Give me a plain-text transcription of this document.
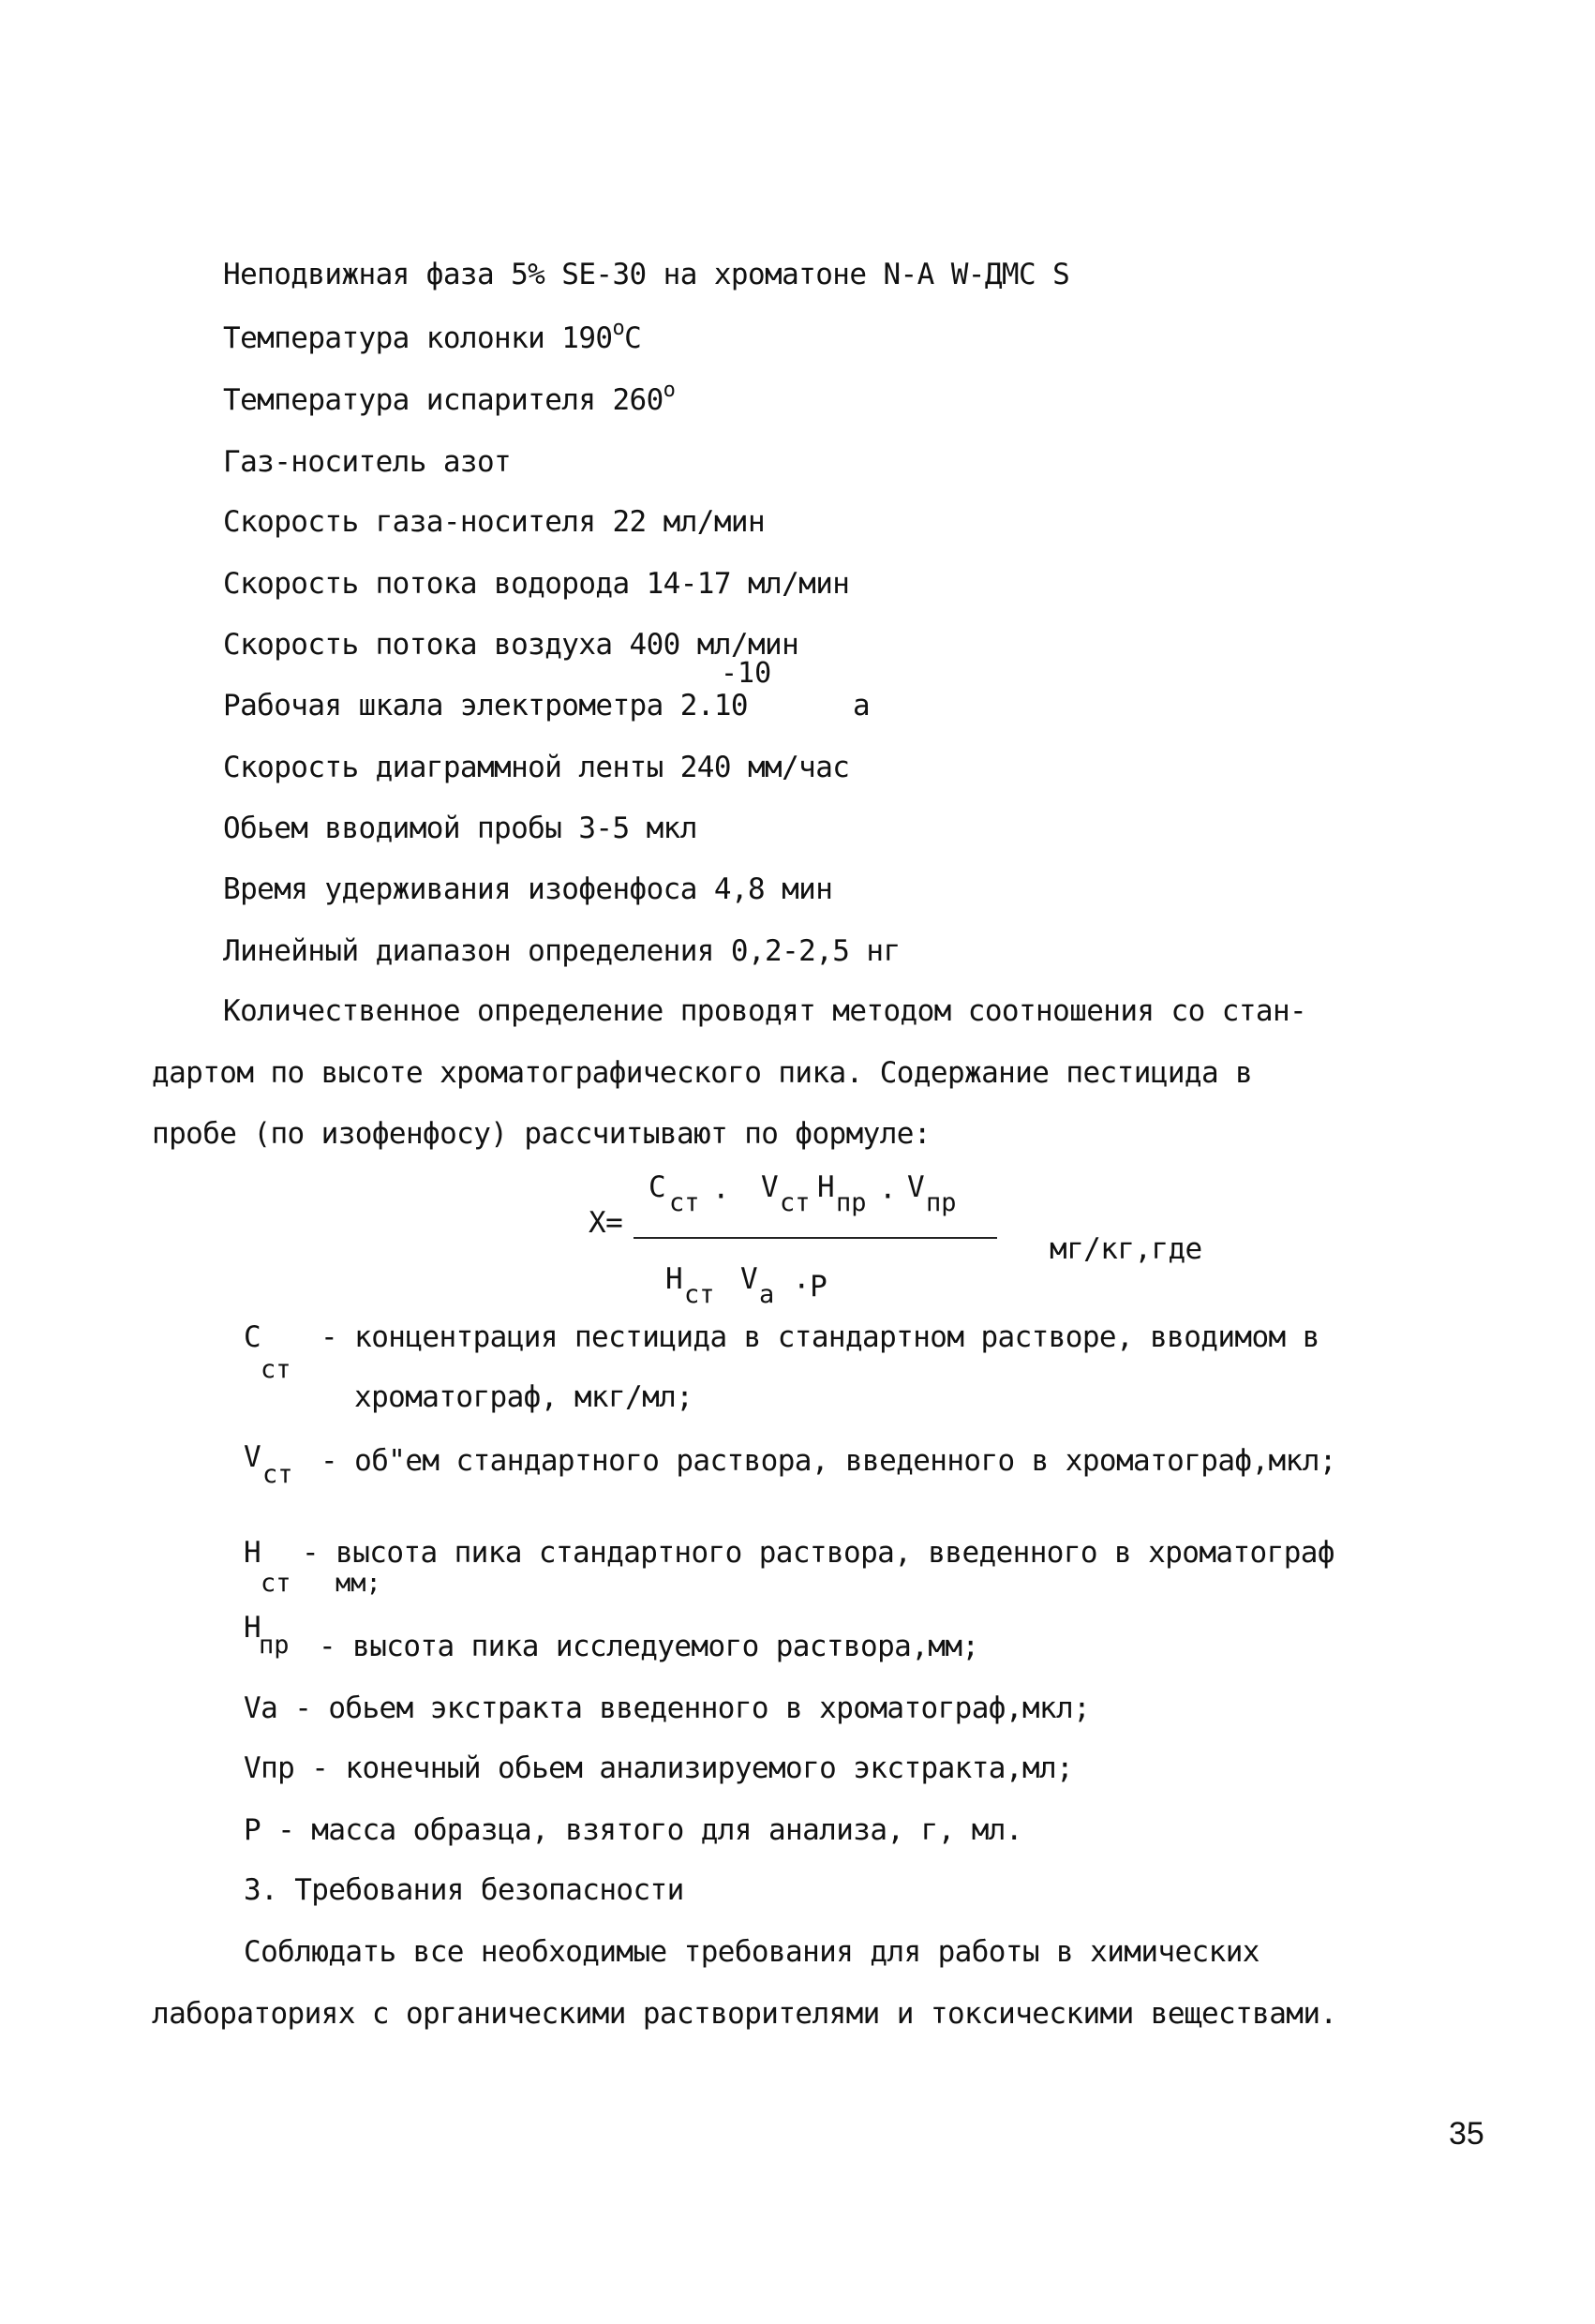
Неподвижная фаза 5% SE-30 на хроматоне N-A W-ДМС S
Температура колонки 190$^o$C
Температура испарителя 260$^o$
Газ-носитель азот
Скорость газа-носителя 22 мл/мин
Скорость потока водорода 14-17 мл/мин
Скорость потока воздуха 400 мл/мин
-10
Рабочая шкала электрометра 2.10	a
Скорость диаграммной ленты 240 мм/час
Обьем вводимой пробы 3-5 мкл
Время удерживания изофенфоса 4,8 мин
Линейный диапазон определения 0,2-2,5 нг
Количественное определение проводят методом соотношения со стан-
дартом по высоте хроматографического пика. Содержание пестицида в
пробе (по изофенфосу) рассчитывают по формуле:
X=
C ст · V ст H пр · V пр
H ст V a ·P
мг/кг,где
C - концентрация пестицида в стандартном растворе, вводимом в
ст
хроматограф, мкг/мл;
V
ст - об"ем стандартного раствора, введенного в хроматограф,мкл;
H - высота пика стандартного раствора, введенного в хроматограф
ст мм;
H
пр - высота пика исследуемого раствора,мм;
Va - обьем экстракта введенного в хроматограф,мкл;
Vпр - конечный обьем анализируемого экстракта,мл;
P - масса образца, взятого для анализа, г, мл.
3. Требования безопасности
Соблюдать все необходимые требования для работы в химических
лабораториях с органическими растворителями и токсическими веществами.
35
